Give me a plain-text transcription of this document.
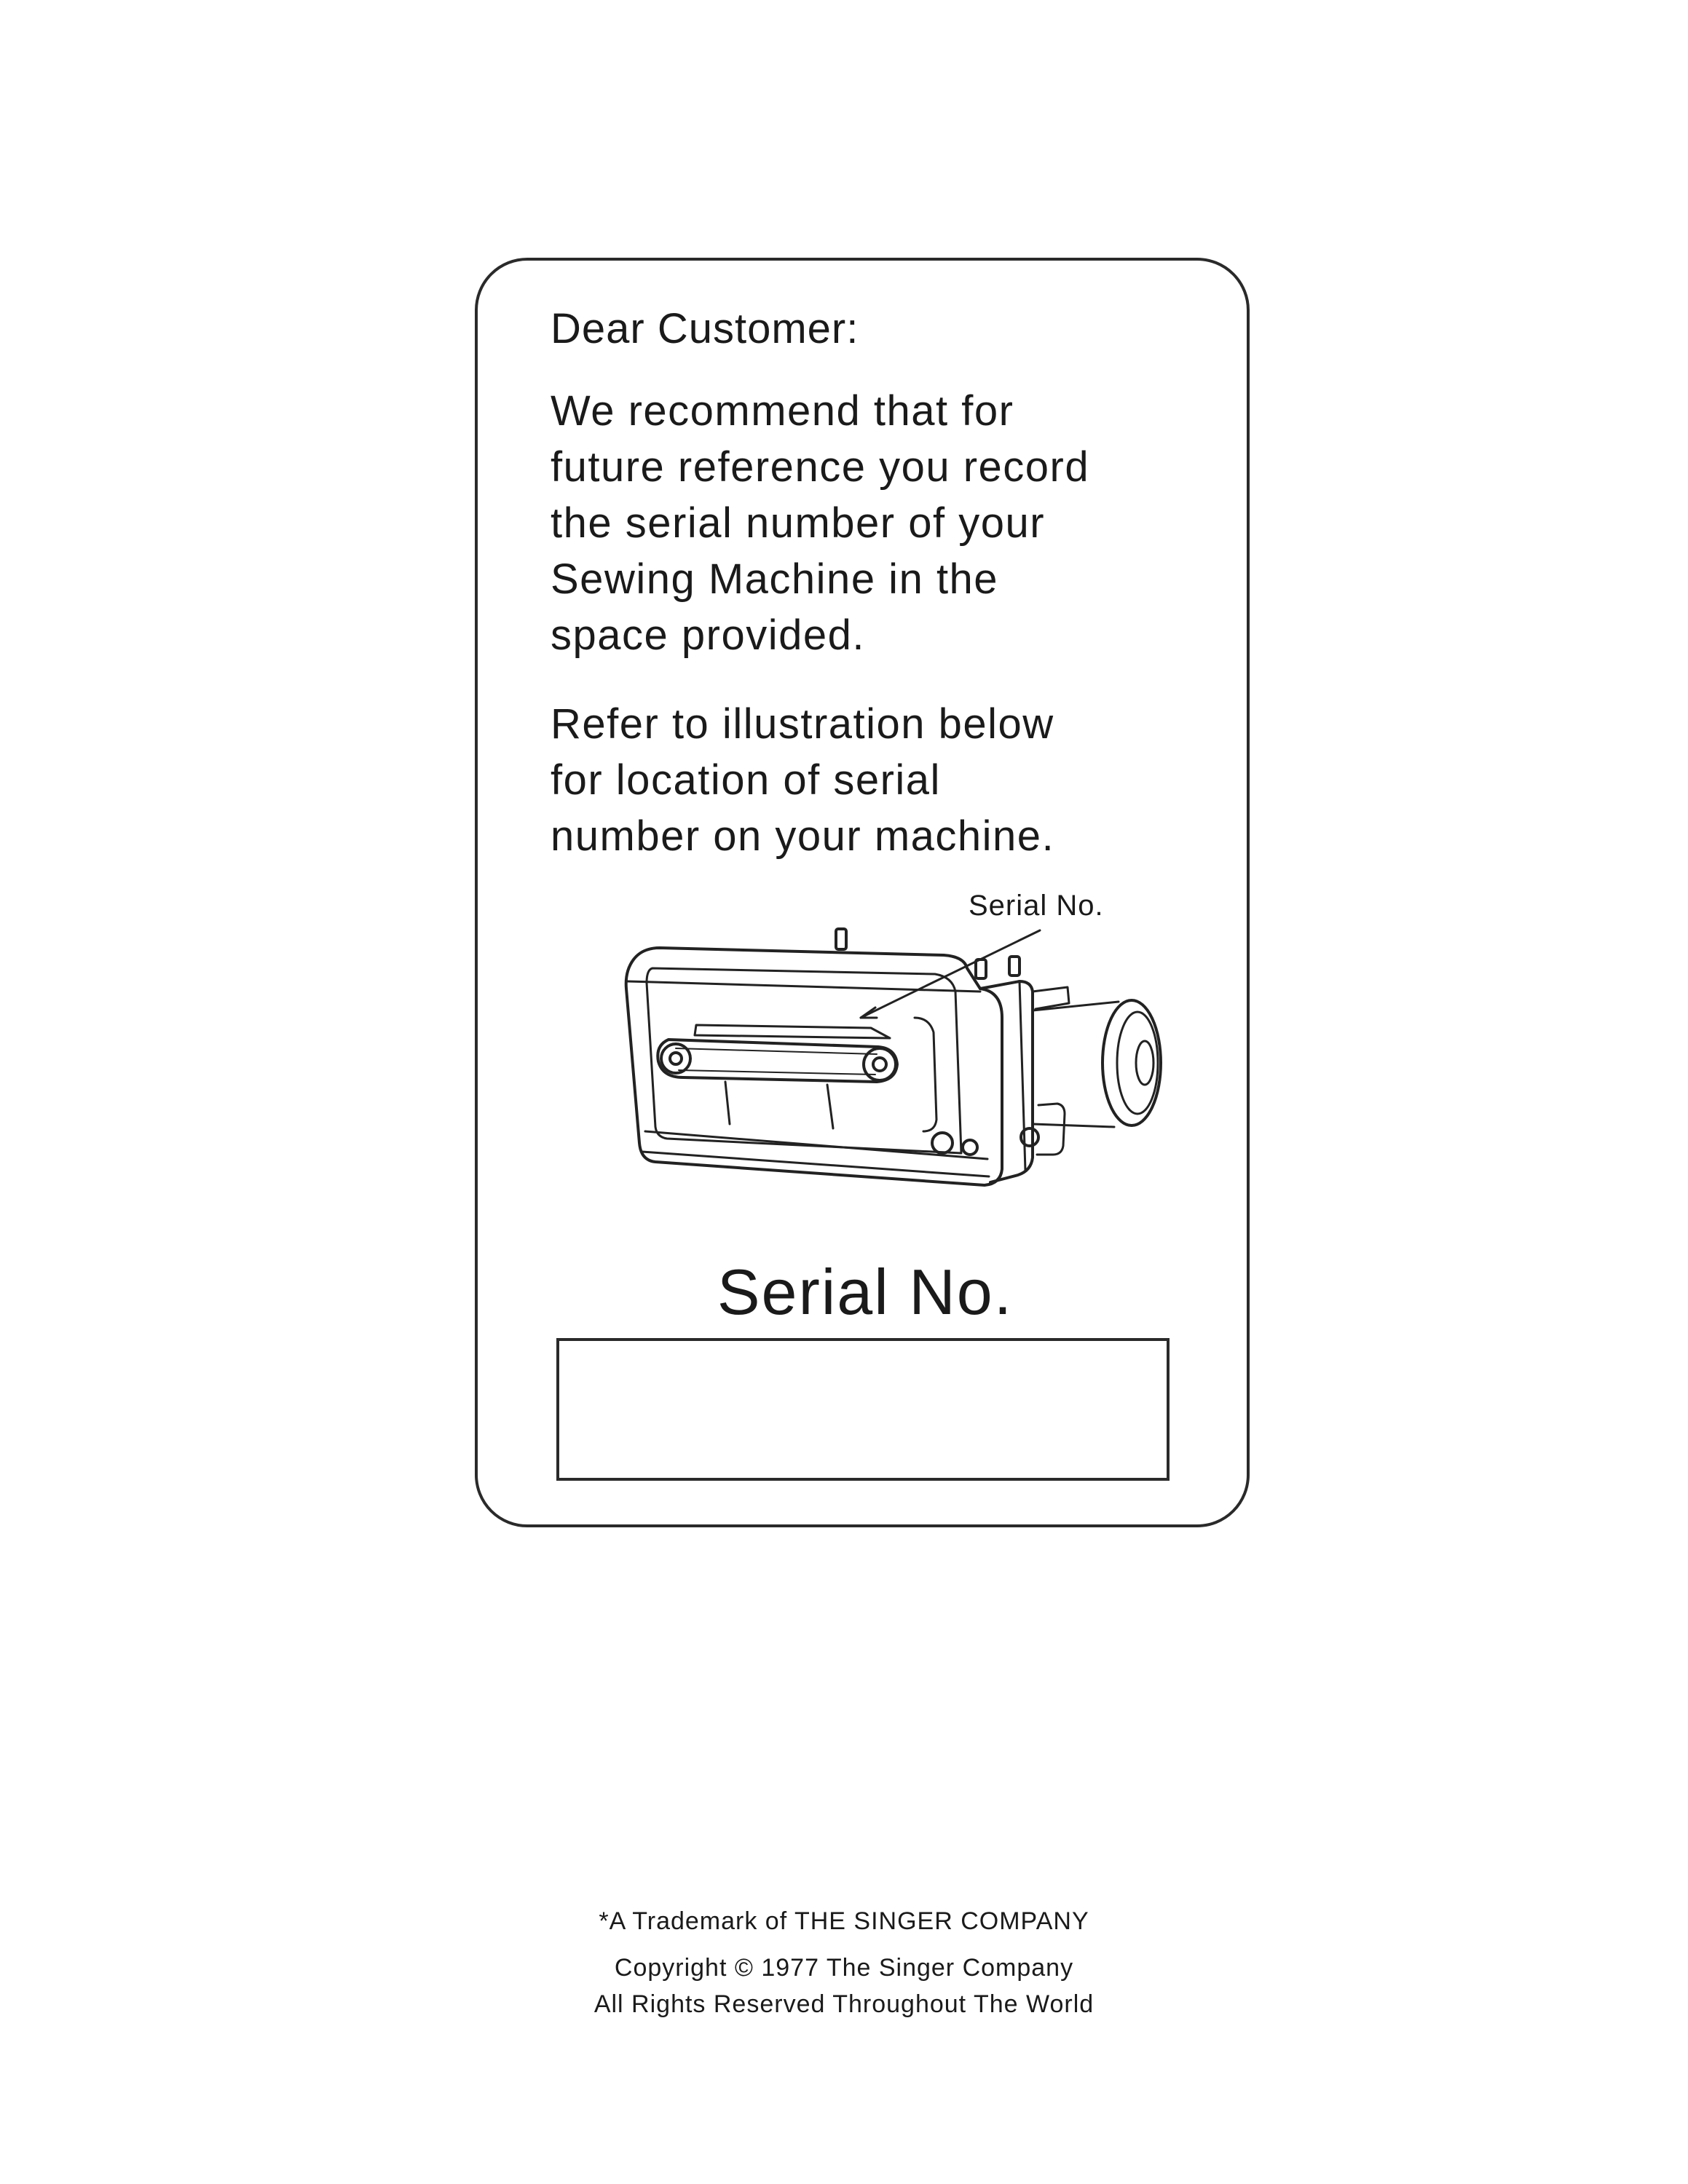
Dear Customer:

We recommend that for
future reference you record
the serial number of your
Sewing Machine in the
space provided.

Refer to illustration below
for location of serial
number on your machine.

Serial No.
Serial No.

*A Trademark of THE SINGER COMPANY

Copyright © 1977 The Singer Company

All Rights Reserved Throughout The World
